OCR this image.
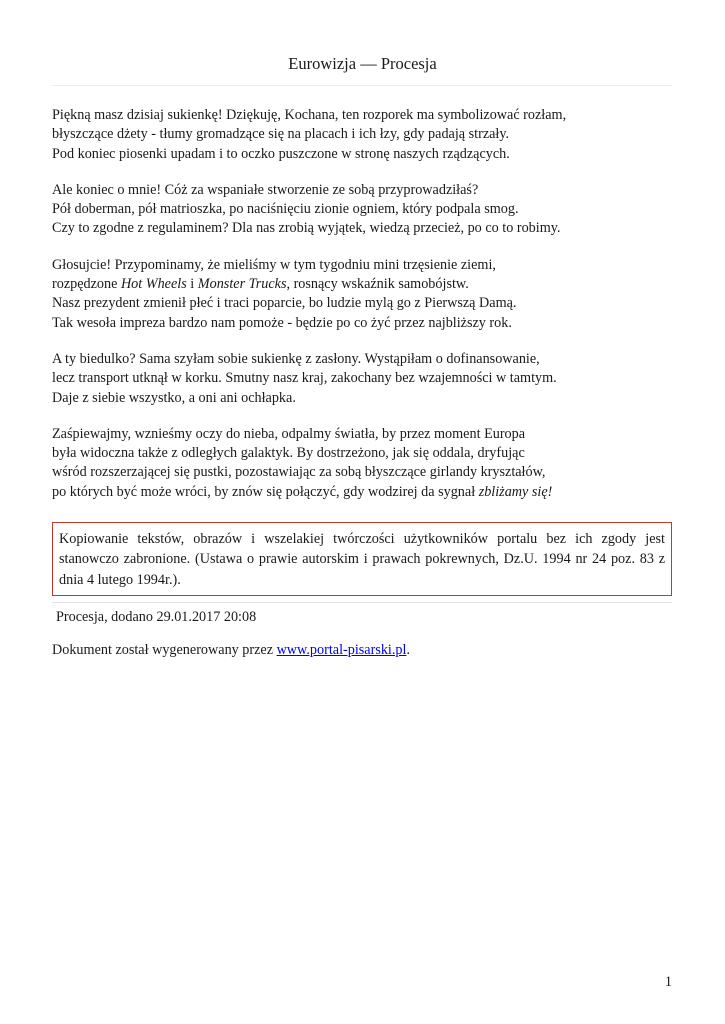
Eurowizja — Procesja
Piękną masz dzisiaj sukienkę! Dziękuję, Kochana, ten rozporek ma symbolizować rozłam,
błyszczące dżety - tłumy gromadzące się na placach i ich łzy, gdy padają strzały.
Pod koniec piosenki upadam i to oczko puszczone w stronę naszych rządzących.
Ale koniec o mnie! Cóż za wspaniałe stworzenie ze sobą przyprowadziłaś?
Pół doberman, pół matrioszka, po naciśnięciu zionie ogniem, który podpala smog.
Czy to zgodne z regulaminem? Dla nas zrobią wyjątek, wiedzą przecież, po co to robimy.
Głosujcie! Przypominamy, że mieliśmy w tym tygodniu mini trzęsienie ziemi,
rozpędzone Hot Wheels i Monster Trucks, rosnący wskaźnik samobójstw.
Nasz prezydent zmienił płeć i traci poparcie, bo ludzie mylą go z Pierwszą Damą.
Tak wesoła impreza bardzo nam pomoże - będzie po co żyć przez najbliższy rok.
A ty biedulko? Sama szyłam sobie sukienkę z zasłony. Wystąpiłam o dofinansowanie,
lecz transport utknął w korku. Smutny nasz kraj, zakochany bez wzajemności w tamtym.
Daje z siebie wszystko, a oni ani ochłapka.
Zaśpiewajmy, wznieśmy oczy do nieba, odpalmy światła, by przez moment Europa
była widoczna także z odległych galaktyk. By dostrzeżono, jak się oddala, dryfując
wśród rozszerzającej się pustki, pozostawiając za sobą błyszczące girlandy kryształów,
po których być może wróci, by znów się połączyć, gdy wodzirej da sygnał zbliżamy się!
Kopiowanie tekstów, obrazów i wszelakiej twórczości użytkowników portalu bez ich zgody jest stanowczo zabronione. (Ustawa o prawie autorskim i prawach pokrewnych, Dz.U. 1994 nr 24 poz. 83 z dnia 4 lutego 1994r.).
Procesja, dodano 29.01.2017 20:08
Dokument został wygenerowany przez www.portal-pisarski.pl.
1
